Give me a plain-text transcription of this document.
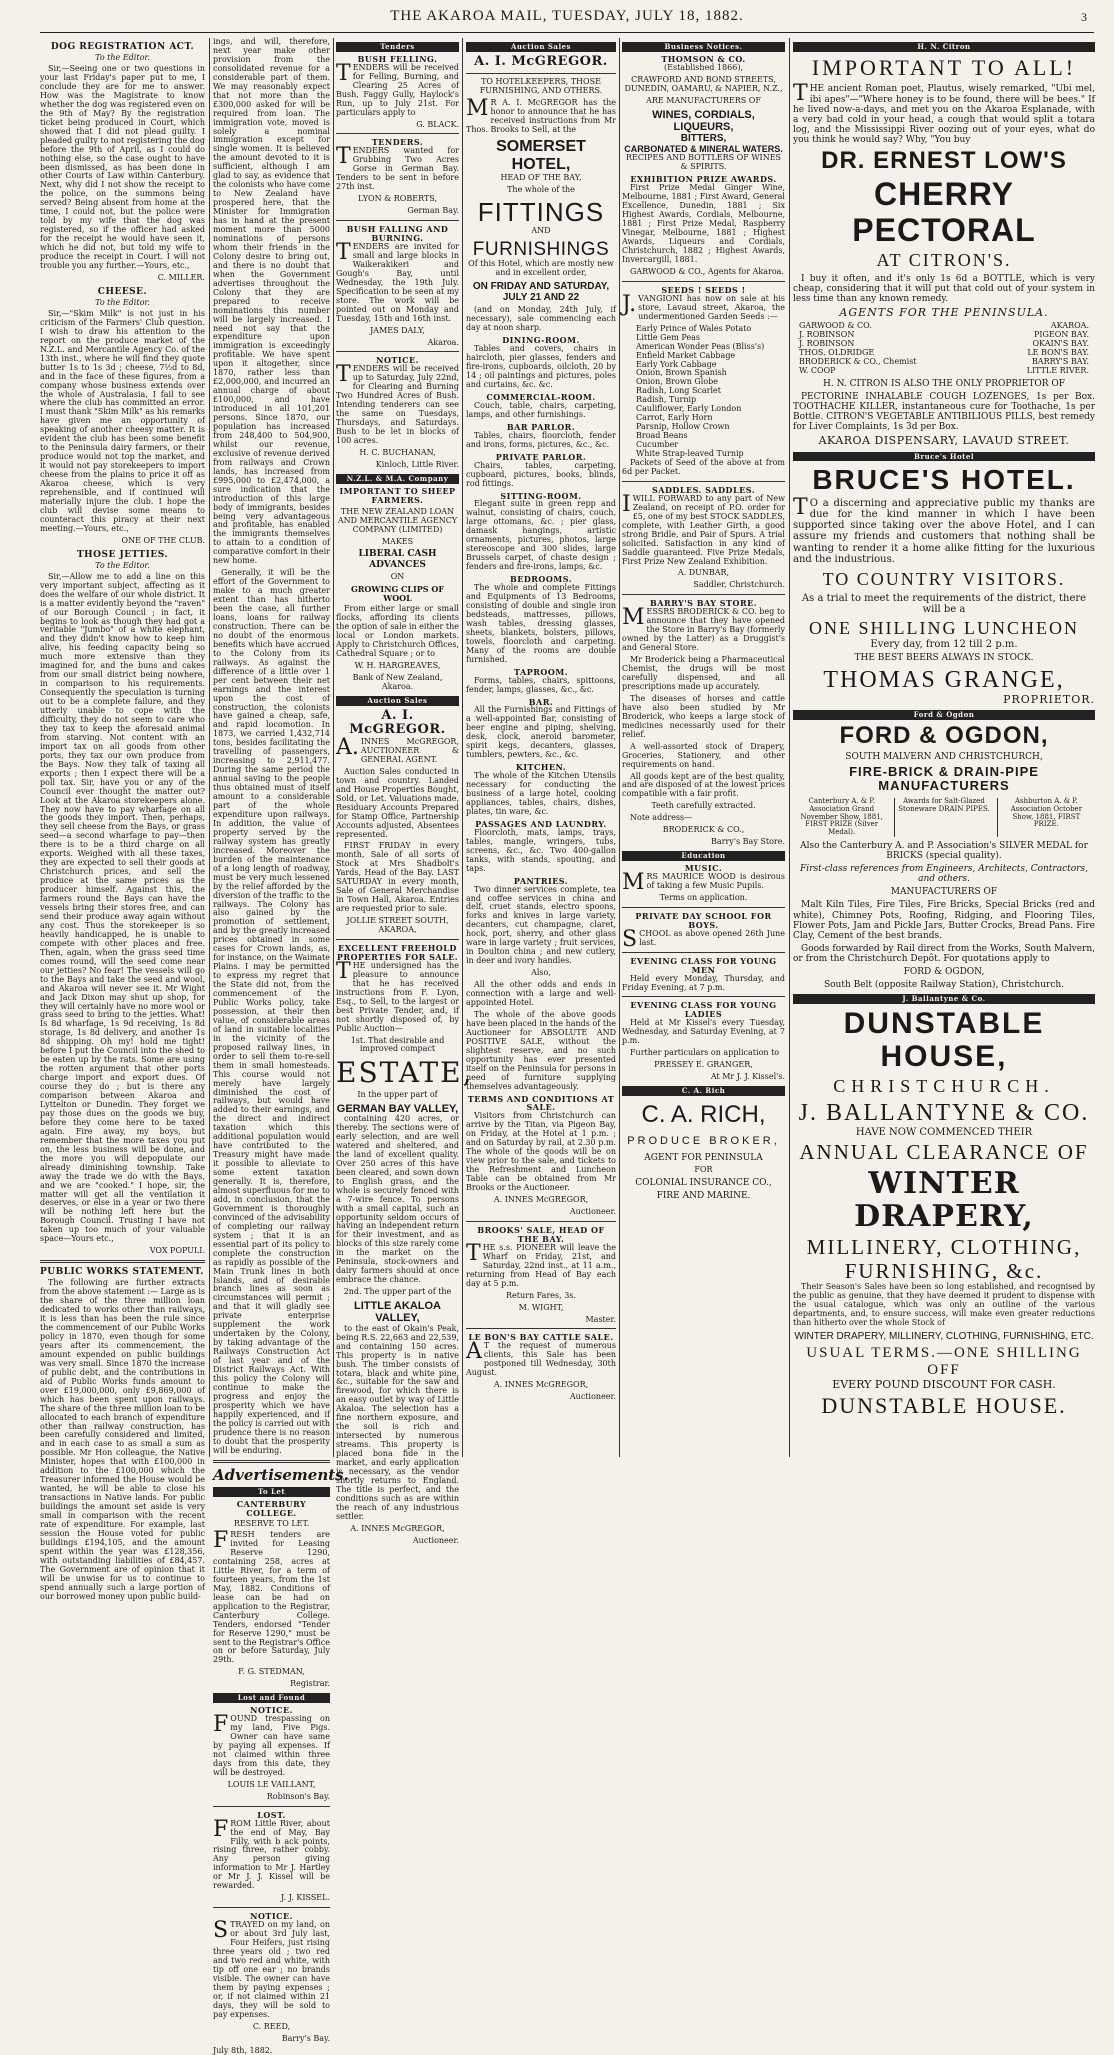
THE AKAROA MAIL, TUESDAY, JULY 18, 1882.	3
DOG REGISTRATION ACT.
To the Editor.

Sir,—Seeing one or two questions in your last Friday's paper put to me, I conclude they are for me to answer. How was the Magistrate to know whether the dog was registered even on the 9th of May? By the registration ticket being produced in Court, which showed that I did not plead guilty. I pleaded guilty to not registering the dog before the 9th of April, as I could do nothing else, so the case ought to have been dismissed, as has been done in other Courts of Law within Canterbury. Next, why did I not show the receipt to the police, on the summons being served? Being absent from home at the time, I could not, but the police were told by my wife that the dog was registered, so if the officer had asked for the receipt he would have seen it, which he did not, but told my wife to produce the receipt in Court. I will not trouble you any further.—Yours, etc.,

C. MILLER.

CHEESE.
To the Editor.

Sir,—"Skim Milk" is not just in his criticism of the Farmers' Club question. I wish to draw his attention to the report on the produce market of the N.Z.L. and Mercantile Agency Co. of the 13th inst., where he will find they quote butter 1s to 1s 3d ; cheese, 7½d to 8d, and in the face of these figures, from a company whose business extends over the whole of Australasia, I fail to see where the club has committed an error. I must thank "Skim Milk" as his remarks have given me an opportunity of speaking of another cheesy matter. It is evident the club has been some benefit to the Peninsula dairy farmers, or their produce would not top the market, and it would not pay storekeepers to import cheese from the plains to price it off as Akaroa cheese, which is very reprehensible, and if continued will materially injure the club. I hope the club will devise some means to counteract this piracy at their next meeting.—Yours, etc.,

ONE OF THE CLUB.

THOSE JETTIES.
To the Editor.

Sir,—Allow me to add a line on this very important subject, affecting as it does the welfare of our whole district. It is a matter evidently beyond the "raven" of our Borough Council ; in fact, it begins to look as though they had got a veritable "Jumbo" of a white elephant, and they didn't know how to keep him alive, his feeding capacity being so much more extensive than they imagined for, and the buns and cakes from our small district being nowhere, in comparison to his requirements. Consequently the speculation is turning out to be a complete failure, and they utterly unable to cope with the difficulty, they do not seem to care who they tax to keep the aforesaid animal from starving. Not content with an import tax on all goods from other ports, they tax our own produce from the Bays. Now they talk of taxing all exports ; then I expect there will be a poll tax. Sir, have you or any of the Council ever thought the matter out? Look at the Akaroa storekeepers alone. They now have to pay wharfage on all the goods they import. Then, perhaps, they sell cheese from the Bays, or grass seed—a second wharfage to pay—then there is to be a third charge on all exports. Weighed with all these taxes, they are expected to sell their goods at Christchurch prices, and sell the produce at the same prices as the producer himself. Against this, the farmers round the Bays can have the vessels bring their stores free, and can send their produce away again without any cost. Thus the storekeeper is so heavily handicapped, he is unable to compete with other places and free. Then, again, when the grass seed time comes round, will the seed come near our jetties? No fear! The vessels will go to the Bays and take the seed and wool, and Akaroa will never see it. Mr Wight and Jack Dixon may shut up shop, for they will certainly have no more wool or grass seed to bring to the jetties. What! Is 8d wharfage, 1s 9d receiving, 1s 8d storage, 1s 8d delivery, and another 1s 8d shipping. Oh my! hold me tight! before I put the Council into the shed to be eaten up by the rats. Some are using the rotten argument that other ports charge import and export dues. Of course they do ; but is there any comparison between Akaroa and Lyttelton or Dunedin. They forget we pay those dues on the goods we buy, before they come here to be taxed again. Fire away, my boys, but remember that the more taxes you put on, the less business will be done, and the more you will depopulate our already diminishing township. Take away the trade we do with the Bays, and we are "cooked." I hope, sir, the matter will get all the ventilation it deserves, or else in a year or two there will be nothing left here but the Borough Council. Trusting I have not taken up too much of your valuable space—Yours etc.,

VOX POPULI.

PUBLIC WORKS STATEMENT.

The following are further extracts from the above statement :— Large as is the share of the three million loan dedicated to works other than railways, it is less than has been the rule since the commencement of our Public Works policy in 1870, even though for some years after its commencement, the amount expended on public buildings was very small. Since 1870 the increase of public debt, and the contributions in aid of Public Works funds amount to over £19,000,000, only £9,869,000 of which has been spent upon railways. The share of the three million loan to be allocated to each branch of expenditure other than railway construction, has been carefully considered and limited, and in each case to as small a sum as possible. Mr Hon colleague, the Native Minister, hopes that with £100,000 in addition to the £100,000 which the Treasurer informed the House would be wanted, he will be able to close his transactions in Native lands. For public buildings the amount set aside is very small in comparison with the recent rate of expenditure. For example, last session the House voted for public buildings £194,105, and the amount spent within the year was £128,356, with outstanding liabilities of £84,457. The Government are of opinion that it will be unwise for us to continue to spend annually such a large portion of our borrowed money upon public build-

ings, and will, therefore, next year make other provision from the consolidated revenue for a considerable part of them. We may reasonably expect that not more than the £300,000 asked for will be required from loan. The immigration vote, moved is solely a nominal immigration except for single women. It is believed the amount devoted to it is sufficient, although I am glad to say, as evidence that the colonists who have come to New Zealand have prospered here, that the Minister for Immigration has in hand at the present moment more than 5000 nominations of persons whom their friends in the Colony desire to bring out, and there is no doubt that when the Government advertises throughout the Colony that they are prepared to receive nominations this number will be largely increased. I need not say that the expenditure upon immigration is exceedingly profitable. We have spent upon it altogether, since 1870, rather less than £2,000,000, and incurred an annual charge of about £100,000, and have introduced in all 101,201 persons. Since 1870, our population has increased from 248,400 to 504,900, whilst our revenue, exclusive of revenue derived from railways and Crown lands, has increased from £995,000 to £2,474,000, a sure indication that the introduction of this large body of immigrants, besides being very advantageous and profitable, has enabled the immigrants themselves to attain to a condition of comparative comfort in their new home.

Generally, it will be the effort of the Government to make to a much greater extent than has hitherto been the case, all further loans, loans for railway construction. There can be no doubt of the enormous benefits which have accrued to the Colony from its railways. As against the difference of a little over 1 per cent between their net earnings and the interest upon the cost of construction, the colonists have gained a cheap, safe, and rapid locomotion. In 1873, we carried 1,432,714 tons, besides facilitating the travelling of passengers, increasing to 2,911,477. During the same period the annual saving to the people thus obtained must of itself amount to a considerable part of the whole expenditure upon railways. In addition, the value of property served by the railway system has greatly increased. Moreover the burden of the maintenance of a long length of roadway, must be very much lessened by the relief afforded by the diversion of the traffic to the railways. The Colony has also gained by the promotion of settlement, and by the greatly increased prices obtained in some cases for Crown lands, as, for instance, on the Waimate Plains. I may be permitted to express my regret that the State did not, from the commencement of the Public Works policy, take possession, at their then value, of considerable areas of land in suitable localities in the vicinity of the proposed railway lines, in order to sell them to-re-sell them in small homesteads. This course would not merely have largely diminished the cost of railways, but would have added to their earnings, and the direct and indirect taxation which this additional population would have contributed to the Treasury might have made it possible to alleviate to some extent taxation generally. It is, therefore, almost superfluous for me to add, in conclusion, that the Government is thoroughly convinced of the advisability of completing our railway system ; that it is an essential part of its policy to complete the construction as rapidly as possible of the Main Trunk lines in both Islands, and of desirable branch lines as soon as circumstances will permit ; and that it will gladly see private enterprise supplement the work undertaken by the Colony, by taking advantage of the Railways Construction Act of last year and of the District Railways Act. With this policy the Colony will continue to make the progress and enjoy the prosperity which we have happily experienced, and if the policy is carried out with prudence there is no reason to doubt that the prosperity will be enduring.

Advertisements.
To Let
CANTERBURY COLLEGE.
RESERVE TO LET.

FRESH tenders are invited for Leasing Reserve 1290, containing 258, acres at Little River, for a term of fourteen years, from the 1st May, 1882. Conditions of lease can be had on application to the Registrar, Canterbury College. Tenders, endorsed "Tender for Reserve 1290," must be sent to the Registrar's Office on or before Saturday, July 29th.

F. G. STEDMAN,

Registrar.

Lost and Found
NOTICE.

FOUND trespassing on my land, Five Pigs. Owner can have same by paying all expenses. If not claimed within three days from this date, they will be destroyed.

LOUIS LE VAILLANT,

Robinson's Bay.

LOST.

FROM Little River, about the end of May, Bay Filly, with b ack points, rising three, rather cobby. Any person giving information to Mr J. Hartley or Mr J. J. Kissel will be rewarded.

J. J. KISSEL.

NOTICE.

STRAYED on my land, on or about 3rd July last, Four Heifers, just rising three years old ; two red and two red and white, with tip off one ear ; no brands visible. The owner can have them by paying expenses ; or, if not claimed within 21 days, they will be sold to pay expenses.

C. REED,

Barry's Bay.

July 8th, 1882.

Tenders
BUSH FELLING.

TENDERS will be received for Felling, Burning, and Clearing 25 Acres of Bush, Faggy Gully, Haylock's Run, up to July 21st. For particulars apply to

G. BLACK.

TENDERS.

TENDERS wanted for Grubbing Two Acres Gorse in German Bay. Tenders to be sent in before 27th inst.

LYON & ROBERTS,

German Bay.

BUSH FALLING AND BURNING.

TENDERS are invited for small and large blocks in Waikerakikeri and Gough's Bay, until Wednesday, the 19th July. Specification to be seen at my store. The work will be pointed out on Monday and Tuesday, 15th and 16th inst.

JAMES DALY,

Akaroa.

NOTICE.

TENDERS will be received up to Saturday, July 22nd, for Clearing and Burning Two Hundred Acres of Bush. Intending tenderers can see the same on Tuesdays, Thursdays, and Saturdays. Bush to be let in blocks of 100 acres.

H. C. BUCHANAN,

Kinloch, Little River.

N.Z.L. & M.A. Company
IMPORTANT TO SHEEP FARMERS.

THE NEW ZEALAND LOAN AND MERCANTILE AGENCY COMPANY (LIMITED)

MAKES

LIBERAL CASH ADVANCES

ON

GROWING CLIPS OF WOOL

From either large or small flocks, affording its clients the option of sale in either the local or London markets. Apply to Christchurch Offices, Cathedral Square ; or to

W. H. HARGREAVES,

Bank of New Zealand, Akaroa.

Auction Sales
A. I. McGREGOR.

A.INNES McGREGOR, AUCTIONEER & GENERAL AGENT.

Auction Sales conducted in town and country. Landed and House Properties Bought, Sold, or Let. Valuations made, Residuary Accounts Prepared for Stamp Office, Partnership Accounts adjusted, Absentees represented.

FIRST FRIDAY in every month, Sale of all sorts of Stock at Mrs Shadbolt's Yards, Head of the Bay. LAST SATURDAY in every month, Sale of General Merchandise in Town Hall, Akaroa. Entries are requested prior to sale.

JOLLIE STREET SOUTH, AKAROA,

EXCELLENT FREEHOLD PROPERTIES FOR SALE.

THE undersigned has the pleasure to announce that he has received instructions from F. Lyon, Esq., to Sell, to the largest or best Private Tender, and, if not shortly disposed of, by Public Auction—

1st. That desirable and improved compact

ESTATE,

In the upper part of

GERMAN BAY VALLEY,

containing 420 acres, or thereby. The sections were of early selection, and are well watered and sheltered, and the land of excellent quality. Over 250 acres of this have been cleared, and sown down to English grass, and the whole is securely fenced with a 7-wire fence. To persons with a small capital, such an opportunity seldom occurs of having an independent return for their investment, and as blocks of this size rarely come in the market on the Peninsula, stock-owners and dairy farmers should at once embrace the chance.

2nd. The upper part of the

LITTLE AKALOA VALLEY,

to the east of Okain's Peak, being R.S. 22,663 and 22,539, and containing 150 acres. This property is in native bush. The timber consists of totara, black and white pine, &c., suitable for the saw and firewood, for which there is an easy outlet by way of Little Akaloa. The selection has a fine northern exposure, and the soil is rich and intersected by numerous streams. This property is placed bona fide in the market, and early application is necessary, as the vendor shortly returns to England. The title is perfect, and the conditions such as are within the reach of any industrious settler.

A. INNES McGREGOR,

Auctioneer.

Auction Sales
A. I. McGREGOR.

TO HOTELKEEPERS, THOSE FURNISHING, AND OTHERS.

MR A. I. McGREGOR has the honor to announce that he has received instructions from Mr Thos. Brooks to Sell, at the

SOMERSET HOTEL,

HEAD OF THE BAY,

The whole of the

FITTINGS

AND

FURNISHINGS

Of this Hotel, which are mostly new and in excellent order,

ON FRIDAY AND SATURDAY, JULY 21 AND 22

(and on Monday, 24th July, if necessary), sale commencing each day at noon sharp.

DINING-ROOM.

Tables and covers, chairs in haircloth, pier glasses, fenders and fire-irons, cupboards, oilcloth, 20 by 14 ; oil paintings and pictures, poles and curtains, &c. &c.

COMMERCIAL-ROOM.

Couch, table, chairs, carpeting, lamps, and other furnishings.

BAR PARLOR.

Tables, chairs, floorcloth, fender and irons, forms, pictures, &c., &c.

PRIVATE PARLOR.

Chairs, tables, carpeting, cupboard, pictures, books, blinds, rod fittings.

SITTING-ROOM.

Elegant suite in green repp and walnut, consisting of chairs, couch, large ottomans, &c. ; pier glass, damask hangings, artistic ornaments, pictures, photos, large stereoscope and 300 slides, large Brussels carpet, of chaste design ; fenders and fire-irons, lamps, &c.

BEDROOMS.

The whole and complete Fittings and Equipments of 13 Bedrooms, consisting of double and single iron bedsteads, mattresses, pillows, wash tables, dressing glasses, sheets, blankets, bolsters, pillows, towels, floorcloth and carpeting. Many of the rooms are double furnished.

TAPROOM.

Forms, tables, chairs, spittoons, fender, lamps, glasses, &c., &c.

BAR.

All the Furnishings and Fittings of a well-appointed Bar, consisting of beer engine and piping, shelving, desk, clock, aneroid barometer, spirit kegs, decanters, glasses, tumblers, pewters, &c., &c.

KITCHEN.

The whole of the Kitchen Utensils necessary for conducting the business of a large hotel, cooking appliances, tables, chairs, dishes, plates, tin ware, &c.

PASSAGES AND LAUNDRY.

Floorcloth, mats, lamps, trays, tables, mangle, wringers, tubs, screens, &c., &c. Two 400-gallon tanks, with stands, spouting, and taps.

PANTRIES.

Two dinner services complete, tea and coffee services in china and delf, cruet stands, electro spoons, forks and knives in large variety, decanters, cut champagne, claret, hock, port, sherry, and other glass ware in large variety ; fruit services, in Doulton china ; and new cutlery, in deer and ivory handles.

Also,

All the other odds and ends in connection with a large and well-appointed Hotel.

The whole of the above goods have been placed in the hands of the Auctioneer for ABSOLUTE AND POSITIVE SALE, without the slightest reserve, and no such opportunity has ever presented itself on the Peninsula for persons in need of furniture supplying themselves advantageously.

TERMS AND CONDITIONS AT SALE.

Visitors from Christchurch can arrive by the Titan, via Pigeon Bay, on Friday, at the Hotel at 1 p.m. ; and on Saturday by rail, at 2.30 p.m. The whole of the goods will be on view prior to the sale, and tickets to the Refreshment and Luncheon Table can be obtained from Mr Brooks or the Auctioneer.

A. INNES McGREGOR,

Auctioneer.

BROOKS' SALE, HEAD OF THE BAY.

THE s.s. PIONEER will leave the Wharf on Friday, 21st, and Saturday, 22nd inst., at 11 a.m., returning from Head of Bay each day at 5 p.m.

Return Fares, 3s.

M. WIGHT,

Master.

LE BON'S BAY CATTLE SALE.

AT the request of numerous clients, this Sale has been postponed till Wednesday, 30th August.

A. INNES McGREGOR,

Auctioneer.

Business Notices.
THOMSON & CO.

(Established 1866),

CRAWFORD AND BOND STREETS, DUNEDIN, OAMARU, & NAPIER, N.Z.,

ARE MANUFACTURERS OF

WINES, CORDIALS, LIQUEURS,
BITTERS,
CARBONATED & MINERAL WATERS.

RECIPES AND BOTTLERS OF WINES & SPIRITS.

EXHIBITION PRIZE AWARDS.

First Prize Medal Ginger Wine, Melbourne, 1881 ; First Award, General Excellence, Dunedin, 1881 ; Six Highest Awards, Cordials, Melbourne, 1881 ; First Prize Medal, Raspberry Vinegar, Melbourne, 1881 ; Highest Awards, Liqueurs and Cordials, Christchurch, 1882 ; Highest Awards, Invercargill, 1881.

GARWOOD & CO., Agents for Akaroa.

SEEDS ! SEEDS !

J.VANGIONI has now on sale at his store, Lavaud street, Akaroa, the undermentioned Garden Seeds :—

Early Prince of Wales Potato
Little Gem Peas
American Wonder Peas (Bliss's)
Enfield Market Cabbage
Early York Cabbage
Onion, Brown Spanish
Onion, Brown Globe
Radish, Long Scarlet
Radish, Turnip
Cauliflower, Early London
Carrot, Early Horn
Parsnip, Hollow Crown
Broad Beans
Cucumber
White Strap-leaved Turnip

Packets of Seed of the above at from 6d per Packet.

SADDLES. SADDLES.

IWILL FORWARD to any part of New Zealand, on receipt of P.O. order for £5, one of my best STOCK SADDLES, complete, with Leather Girth, a good strong Bridle, and Pair of Spurs. A trial solicited. Satisfaction in any kind of Saddle guaranteed. Five Prize Medals, First Prize New Zealand Exhibition.

A. DUNBAR,

Saddler, Christchurch.

BARRY'S BAY STORE.

MESSRS BRODERICK & CO. beg to announce that they have opened the Store in Barry's Bay (formerly owned by the Latter) as a Druggist's and General Store.

Mr Broderick being a Pharmaceutical Chemist, the drugs will be most carefully dispensed, and all prescriptions made up accurately.

The diseases of horses and cattle have also been studied by Mr Broderick, who keeps a large stock of medicines necessarily used for their relief.

A well-assorted stock of Drapery, Groceries, Stationery, and other requirements on hand.

All goods kept are of the best quality, and are disposed of at the lowest prices compatible with a fair profit.

Teeth carefully extracted.

Note address—

BRODERICK & CO.,

Barry's Bay Store.

Education
MUSIC.

MRS MAURICE WOOD is desirous of taking a few Music Pupils.

Terms on application.

PRIVATE DAY SCHOOL FOR BOYS.

SCHOOL as above opened 26th June last.

EVENING CLASS FOR YOUNG MEN

Held every Monday, Thursday, and Friday Evening, at 7 p.m.

EVENING CLASS FOR YOUNG LADIES

Held at Mr Kissel's every Tuesday, Wednesday, and Saturday Evening, at 7 p.m.

Further particulars on application to

PRESSEY E. GRANGER,

At Mr J. J. Kissel's.

C. A. Rich
C. A. RICH,
PRODUCE BROKER,

AGENT FOR PENINSULA

FOR

COLONIAL INSURANCE CO.,

FIRE AND MARINE.

H. N. Citron
IMPORTANT TO ALL!

THE ancient Roman poet, Plautus, wisely remarked, "Ubi mel, ibi apes"—"Where honey is to be found, there will be bees." If he lived now-a-days, and met you on the Akaroa Esplanade, with a very bad cold in your head, a cough that would split a totara log, and the Mississippi River oozing out of your eyes, what do you think he would say? Why, "You buy

DR. ERNEST LOW'S
CHERRY PECTORAL
AT CITRON'S.

I buy it often, and it's only 1s 6d a BOTTLE, which is very cheap, considering that it will put that cold out of your system in less time than any known remedy.

AGENTS FOR THE PENINSULA.
GARWOOD & CO.	AKAROA.
J. ROBINSON	PIGEON BAY.
J. ROBINSON	OKAIN'S BAY.
THOS. OLDRIDGE	LE BON'S BAY.
BRODERICK & CO., Chemist	BARRY'S BAY.
W. COOP	LITTLE RIVER.

H. N. CITRON IS ALSO THE ONLY PROPRIETOR OF

PECTORINE INHALABLE COUGH LOZENGES, 1s per Box. TOOTHACHE KILLER, instantaneous cure for Toothache, 1s per Bottle. CITRON'S VEGETABLE ANTIBILIOUS PILLS, best remedy for Liver Complaints, 1s 3d per Box.

AKAROA DISPENSARY, LAVAUD STREET.
Bruce's Hotel
BRUCE'S HOTEL.

TO a discerning and appreciative public my thanks are due for the kind manner in which I have been supported since taking over the above Hotel, and I can assure my friends and customers that nothing shall be wanting to render it a home alike fitting for the luxurious and the industrious.

TO COUNTRY VISITORS.

As a trial to meet the requirements of the district, there will be a

ONE SHILLING LUNCHEON

Every day, from 12 till 2 p.m.

THE BEST BEERS ALWAYS IN STOCK.

THOMAS GRANGE,

PROPRIETOR.

Ford & Ogdon
FORD & OGDON,

SOUTH MALVERN AND CHRISTCHURCH,

FIRE-BRICK & DRAIN-PIPE MANUFACTURERS
Canterbury A. & P. Association Grand November Show, 1881, FIRST PRIZE (Silver Medal).
Awards for Salt-Glazed Stoneware DRAIN PIPES.
Ashburton A. & P. Association October Show, 1881, FIRST PRIZE.

Also the Canterbury A. and P. Association's SILVER MEDAL for BRICKS (special quality).

First-class references from Engineers, Architects, Contractors, and others.

MANUFACTURERS OF

Malt Kiln Tiles, Fire Tiles, Fire Bricks, Special Bricks (red and white), Chimney Pots, Roofing, Ridging, and Flooring Tiles, Flower Pots, Jam and Pickle Jars, Butter Crocks, Bread Pans. Fire Clay, Cement of the best brands.

Goods forwarded by Rail direct from the Works, South Malvern, or from the Christchurch Depôt. For quotations apply to

FORD & OGDON,

South Belt (opposite Railway Station), Christchurch.

J. Ballantyne & Co.
DUNSTABLE HOUSE,
CHRISTCHURCH.
J. BALLANTYNE & CO.

HAVE NOW COMMENCED THEIR

ANNUAL CLEARANCE OF
WINTER DRAPERY,
MILLINERY, CLOTHING,
FURNISHING, &c.

Their Season's Sales have been so long established, and recognised by the public as genuine, that they have deemed it prudent to dispense with the usual catalogue, which was only an outline of the various departments, and, to ensure success, will make even greater reductions than hitherto over the whole Stock of

WINTER DRAPERY, MILLINERY, CLOTHING, FURNISHING, ETC.

USUAL TERMS.—ONE SHILLING OFF

EVERY POUND DISCOUNT FOR CASH.

DUNSTABLE HOUSE.
